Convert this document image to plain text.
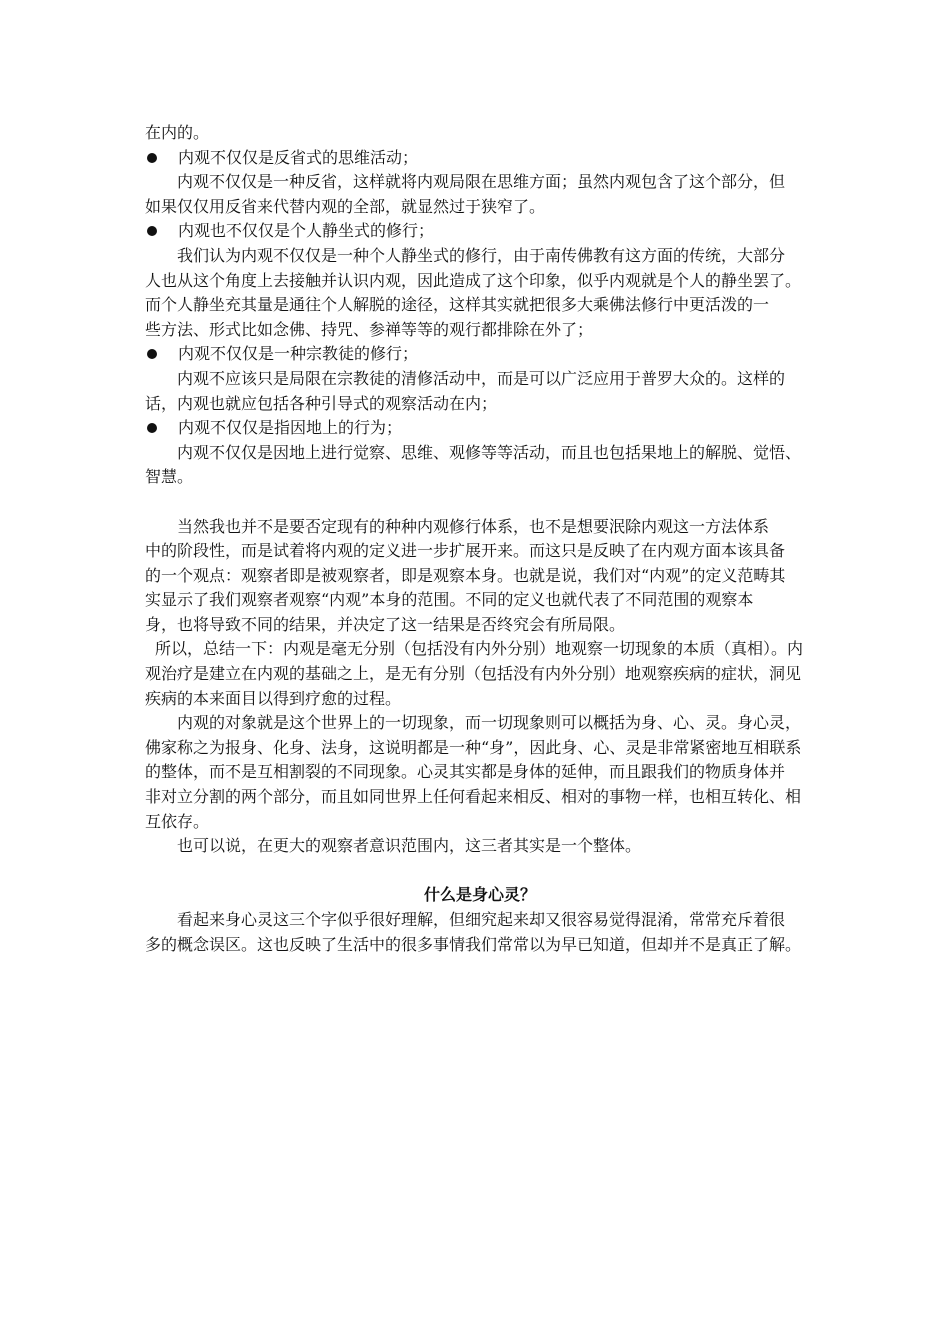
在内的。
内观不仅仅是反省式的思维活动；
内观不仅仅是一种反省，这样就将内观局限在思维方面；虽然内观包含了这个部分，但
如果仅仅用反省来代替内观的全部，就显然过于狭窄了。
内观也不仅仅是个人静坐式的修行；
我们认为内观不仅仅是一种个人静坐式的修行，由于南传佛教有这方面的传统，大部分
人也从这个角度上去接触并认识内观，因此造成了这个印象，似乎内观就是个人的静坐罢了。
而个人静坐充其量是通往个人解脱的途径，这样其实就把很多大乘佛法修行中更活泼的一
些方法、形式比如念佛、持咒、参禅等等的观行都排除在外了；
内观不仅仅是一种宗教徒的修行；
内观不应该只是局限在宗教徒的清修活动中，而是可以广泛应用于普罗大众的。这样的
话，内观也就应包括各种引导式的观察活动在内；
内观不仅仅是指因地上的行为；
内观不仅仅是因地上进行觉察、思维、观修等等活动，而且也包括果地上的解脱、觉悟、
智慧。
当然我也并不是要否定现有的种种内观修行体系，也不是想要泯除内观这一方法体系
中的阶段性，而是试着将内观的定义进一步扩展开来。而这只是反映了在内观方面本该具备
的一个观点：观察者即是被观察者，即是观察本身。也就是说，我们对“内观”的定义范畴其
实显示了我们观察者观察“内观”本身的范围。不同的定义也就代表了不同范围的观察本
身，也将导致不同的结果，并决定了这一结果是否终究会有所局限。
所以，总结一下：内观是毫无分别（包括没有内外分别）地观察一切现象的本质（真相）。内
观治疗是建立在内观的基础之上，是无有分别（包括没有内外分别）地观察疾病的症状，洞见
疾病的本来面目以得到疗愈的过程。
内观的对象就是这个世界上的一切现象，而一切现象则可以概括为身、心、灵。身心灵，
佛家称之为报身、化身、法身，这说明都是一种“身”，因此身、心、灵是非常紧密地互相联系
的整体，而不是互相割裂的不同现象。心灵其实都是身体的延伸，而且跟我们的物质身体并
非对立分割的两个部分，而且如同世界上任何看起来相反、相对的事物一样，也相互转化、相
互依存。
也可以说，在更大的观察者意识范围内，这三者其实是一个整体。
什么是身心灵？
看起来身心灵这三个字似乎很好理解，但细究起来却又很容易觉得混淆，常常充斥着很
多的概念误区。这也反映了生活中的很多事情我们常常以为早已知道，但却并不是真正了解。
